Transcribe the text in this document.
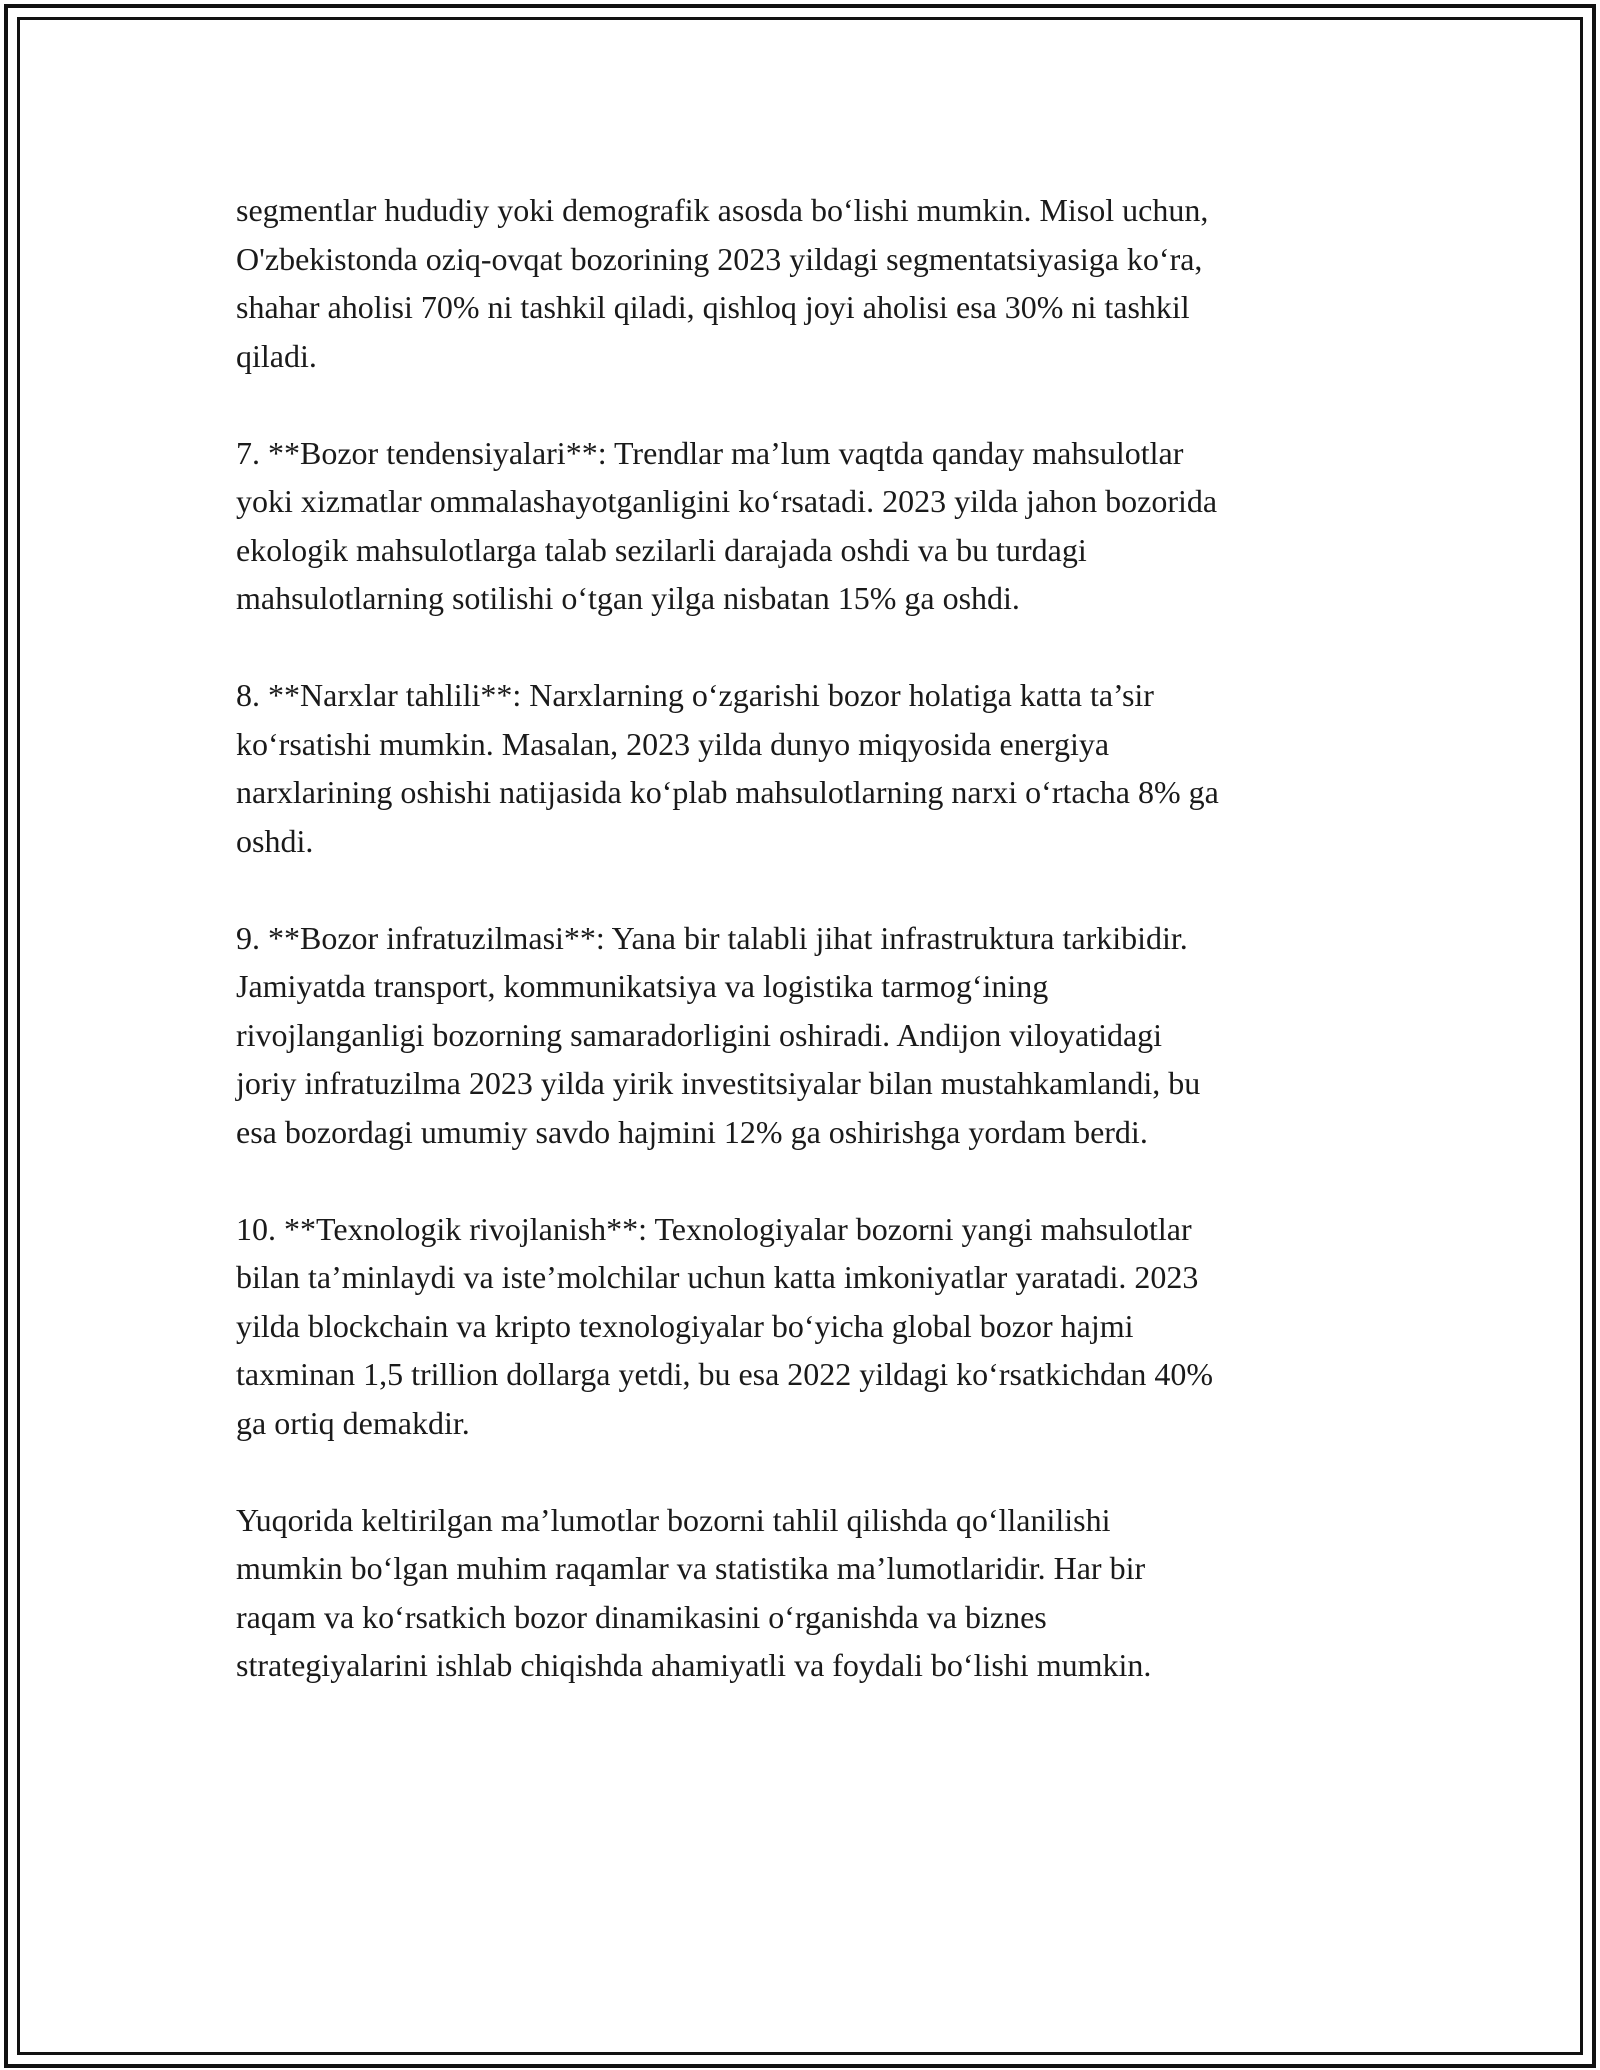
segmentlar hududiy yoki demografik asosda bo‘lishi mumkin. Misol uchun,
O'zbekistonda oziq-ovqat bozorining 2023 yildagi segmentatsiyasiga ko‘ra,
shahar aholisi 70% ni tashkil qiladi, qishloq joyi aholisi esa 30% ni tashkil
qiladi.

7. **Bozor tendensiyalari**: Trendlar ma’lum vaqtda qanday mahsulotlar
yoki xizmatlar ommalashayotganligini ko‘rsatadi. 2023 yilda jahon bozorida
ekologik mahsulotlarga talab sezilarli darajada oshdi va bu turdagi
mahsulotlarning sotilishi o‘tgan yilga nisbatan 15% ga oshdi.

8. **Narxlar tahlili**: Narxlarning o‘zgarishi bozor holatiga katta ta’sir
ko‘rsatishi mumkin. Masalan, 2023 yilda dunyo miqyosida energiya
narxlarining oshishi natijasida ko‘plab mahsulotlarning narxi o‘rtacha 8% ga
oshdi.

9. **Bozor infratuzilmasi**: Yana bir talabli jihat infrastruktura tarkibidir.
Jamiyatda transport, kommunikatsiya va logistika tarmog‘ining
rivojlanganligi bozorning samaradorligini oshiradi. Andijon viloyatidagi
joriy infratuzilma 2023 yilda yirik investitsiyalar bilan mustahkamlandi, bu
esa bozordagi umumiy savdo hajmini 12% ga oshirishga yordam berdi.

10. **Texnologik rivojlanish**: Texnologiyalar bozorni yangi mahsulotlar
bilan ta’minlaydi va iste’molchilar uchun katta imkoniyatlar yaratadi. 2023
yilda blockchain va kripto texnologiyalar bo‘yicha global bozor hajmi
taxminan 1,5 trillion dollarga yetdi, bu esa 2022 yildagi ko‘rsatkichdan 40%
ga ortiq demakdir.

Yuqorida keltirilgan ma’lumotlar bozorni tahlil qilishda qo‘llanilishi
mumkin bo‘lgan muhim raqamlar va statistika ma’lumotlaridir. Har bir
raqam va ko‘rsatkich bozor dinamikasini o‘rganishda va biznes
strategiyalarini ishlab chiqishda ahamiyatli va foydali bo‘lishi mumkin.
